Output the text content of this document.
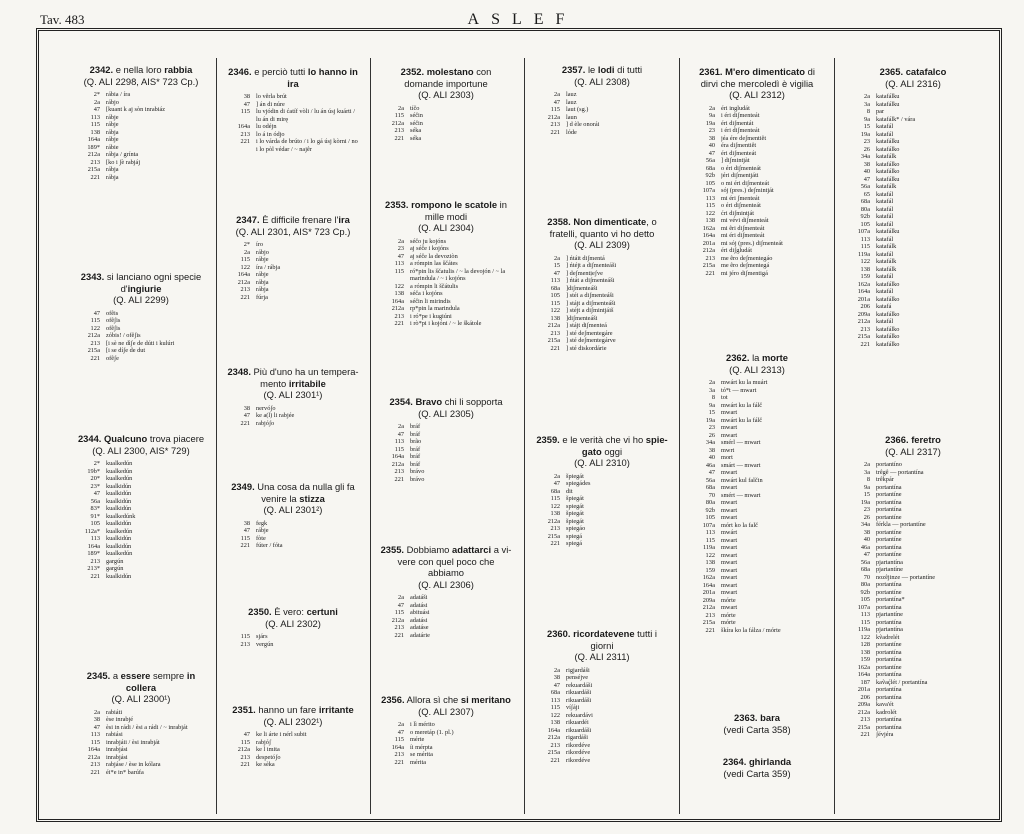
Tav. 483	ASLEF
2342. e nella loro rabbia
(Q. ALI 2298, AIS* 723 Cp.)
2* rábia / íra
2a rábjo
47 [kuant k aj sòn inrabiáz
113 rábje
115 rábje
138 rábja
164a rábje
189* rábie
212a rábja / grínta
213 [ko i ʃè rabjáj
215a rábja
221 rábja
2343. si lanciano ogni specie d'ingiurie
(Q. ALI 2299)
47 ofḗis
115 ofḗʃis
122 ofḗʃis
212a zóbis! / ofḗʃis
213 [i sè ne dìʃe de dúti i kulúri
215a [i se díʃe de dut
221 ofḗʃe
2344. Qualcuno trova piacere
(Q. ALI 2300, AIS* 729)
2* kualkedún
19b* kualkedún
20* kualkedún
23* kualkidún
47 kualkidún
56a kualkidún
83* kualkidún
91* kualkedúnk
105 kualkidún
112a* kualkedún
113 kualkidún
164a kualkidún
189* kualkedún
213 gargún
213* gargún
221 kualkidún
2345. a essere sempre in collera
(Q. ALI 2300¹)
2a rabiáti
38 èse inrabjé
47 èsi in rádi / èsi a rádi / ~ inrabját
113 rabiási
115 inrabjáii / èsi inrabját
164a inrabjási
212a inrabjási
213 rabjáse / èse in kólara
221 éi*e in* barúfa
2346. e perciò tutti lo hanno in ira
38 lo vḗrla brút
47 ] án di núre
115 lu vjódin di ćatíf vòli / lu án úsj kuárti /
lu án di mirę
164a lu odéjn
213 lo á in ódjo
221 i lo várda de brúto / i lo gá úsj kòrni / no
i lo pòl védar / ~ najḗr
2347. È difficile frenare l'ira
(Q. ALI 2301, AIS* 723 Cp.)
2* íro
2a rábjo
115 rábje
122 íra / rábja
164a rábje
212a rábja
213 rábja
221 fúrja
2348. Più d'uno ha un tempera-mento irritabile
(Q. ALI 2301¹)
38 nervóʃo
47 ke a(l) li rabjée
221 rabjóʃo
2349. Una cosa da nulla gli fa venire la stizza
(Q. ALI 2301²)
38 fegk
47 rábje
115 fòte
221 fúter / fóta
2350. È vero: certuni
(Q. ALI 2302)
115 sjárs
213 vergún
2351. hanno un fare irritante
(Q. ALI 2302¹)
47 ke li árte i nérl subit
115 rabjóʃ
212a ke l imita
213 despetóʃo
221 ke sèka
2352. molestano con domande importune
(Q. ALI 2303)
2a tíčo
115 séčin
212a séčin
213 séka
221 séka
2353. rompono le scatole in mille modi
(Q. ALI 2304)
2a séčo ju kojóns
23 aj séče i kojóns
47 aj séče la devoziòn
113 a rómpin las ščátes
115 ró*pin lis ščatulis / ~ la devojón / ~ la
marindula / ~ i kojóns
122 a rómpin li ščátulis
138 séča i kojóns
164a séčin li mirindis
212a rp*pin la marindula
213 i ró*pe i kugiúni
221 i rò*pi i kojóni / ~ le škátole
2354. Bravo chi li sopporta
(Q. ALI 2305)
2a bráf
47 bráf
113 brão
115 bráf
164a bráf
212a bráf
213 brávo
221 brávo
2355. Dobbiamo adattarci a vi-vere con quel poco che abbiamo
(Q. ALI 2306)
2a adatáši
47 adatási
115 abituási
212a adatási
213 adatáse
221 adatárie
2356. Allora sì che si meritano
(Q. ALI 2307)
2a i lì mérito
47 o meretáp (1. pl.)
115 mérte
164a íi mérpta
213 se mérita
221 mérita
2357. le lodi di tutti
(Q. ALI 2308)
2a lauz
47 lauz
115 laut (sg.)
212a laun
213 ] d èle onorái
221 lóde
2358. Non dimenticate, o fratelli, quanto vi ho detto
(Q. ALI 2309)
2a ] ńtáit diʃmentá
15 ] ńtéjt a diʃmenteáši
47 ] deʃmentịeʃve
113 ] ńtát a diʃmenteáši
68a ]diʃmenteáši
105 ] stéi a diʃmenteáši
115 ] stájt a diʃmenteáši
122 ] stéjt a diʃmintjáiš
138 ]diʃmenteáši
212a ] stájt diʃmenteá
213 ] sté deʃmentegáre
215a ] sté deʃmentegárve
221 ] sté diskordárie
2359. e le verità che vi ho spie-gato oggi
(Q. ALI 2310)
2a špiegát
47 spiegádes
68a dit
115 špiegát
122 spiegát
138 špiegát
212a špiegát
213 spiegáo
215a spiegá
221 spiegá
2360. ricordatevene tutti i giorni
(Q. ALI 2311)
2a rigjardáši
38 penséjve
47 rekuardáši
68a rikuardáši
113 rikuardáši
115 víʃáji
122 rekuardávi
138 rikuardéi
164a rikuardáši
212a rigardáši
213 rikordéve
215a rikordéve
221 rikordéve
2361. M'ero dimenticato di dirvi che mercoledì è vigilia
(Q. ALI 2312)
2a éri ingludát
9a i éri diʃmenteát
19a éri diʃmentát
23 i éri diʃmenteát
38 jéa ére deʃmentiḗt
40 éra diʃmentiḗt
47 éri diʃmenteát
56a ] diʃmintjàt
68a o éri diʃmenteát
92b jéri diʃmentjáti
105 o mi éri diʃmenteát
107a sój (pres.) deʃmintját
113 mi éri ʃmenteát
115 o éri diʃmenteát
122 ćri diʃmintját
138 mi vévi diʃmenteát
162a mi ḗri diʃmenteát
164a mi éri diʃmenteát
201a mi sój (pres.) diʃmenteát
212a éri diʃgludát
213 me ḗro deʃmentegáo
215a me ḗro deʃmentegá
221 mi jéro diʃmentigá
2362. la morte
(Q. ALI 2313)
2a mwárt ku la muárt
3a tó*t — mwart
8 tot
9a mwárt ku la fálč
15 mwart
19a mwárt ku la fálč
23 mwart
26 mwart
34a smérl — mwart
38 mwrt
40 mort
46a smárt — mwart
47 mwart
56a mwárt kul falčin
68a mwart
70 smért — mwart
80a mwart
92b mwart
105 mwart
107a mórt ko la falč
113 mwárt
115 mwart
119a mwart
122 mwart
138 mwart
159 mwart
162a mwart
164a mwart
201a mwart
209a mórte
212a mwart
213 mórte
215a mórte
221 škíra ko la fálza / mórte
2363. bara
(vedi Carta 358)
2364. ghirlanda
(vedi Carta 359)
2365. catafalco
(Q. ALI 2316)
2a katafálku
3a katafálku
8 par
9a katafálk* / vára
15 katafál
19a katafál
23 katafálku
26 katafálko
34a katafálk
38 katafálko
40 katafálko
47 katafálku
56a katafálk
65 katafál
68a katafál
80a katafál
92b katafál
105 katafál
107a katafálku
113 katafál
115 katafálk
119a katafál
122 katafálk
138 katafálk
159 katafál
162a katafálko
164a katafál
201a katafálko
206 katafá
209a katafálko
212a katafál
213 katafálko
215a katafálko
221 katafálko
2366. feretro
(Q. ALI 2317)
2a portantíno
3a trḗgḗ — portantína
8 trḗkpár
9a portantína
15 portantíne
19a portantína
23 portantína
26 portantíne
34a ḟérkla — portantíne
38 portantíne
40 portantíne
46a portantína
47 portantíne
56a pjartantína
68a pjartantíne
70 nozḗjinze — portantíne
80a portantína
92b portantíne
105 portantína*
107a portantína
113 pjartantíne
115 portantína
119a pjartantína
122 kṽadrelét
128 portantíne
138 portantína
159 portantína
162a portantíne
164a portantína
187 kaṽaḉlét / portantína
201a portantína
206 portantína
209a kava'ét
212a kadrolét
213 portantína
215a portantína
221 ʃévjéra
